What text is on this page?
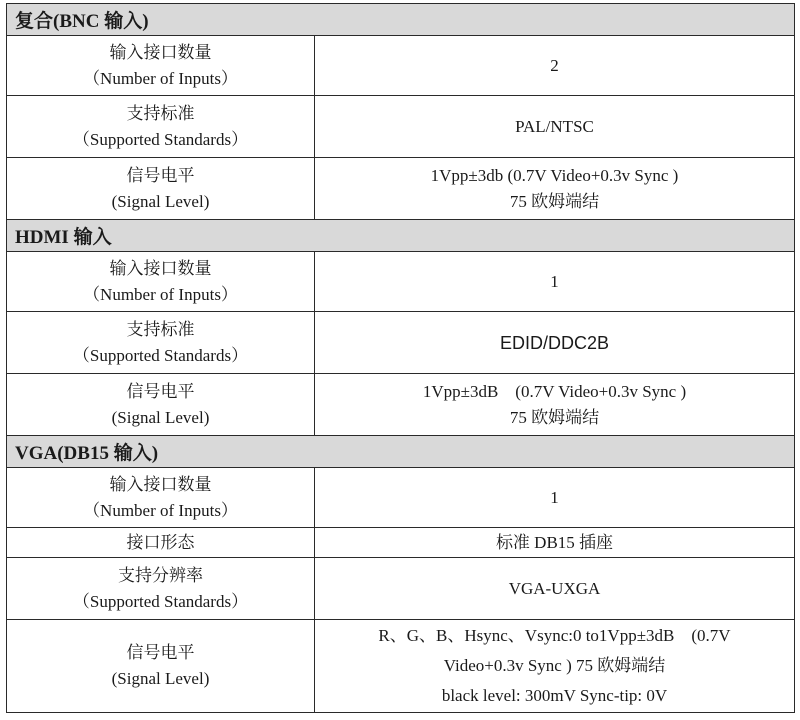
复合(BNC 输入)
输入接口数量
（Number of Inputs）
2
支持标准
（Supported Standards）
PAL/NTSC
信号电平
(Signal Level)
1Vpp±3db (0.7V Video+0.3v Sync )
75 欧姆端结
HDMI 输入
输入接口数量
（Number of Inputs）
1
支持标准
（Supported Standards）
EDID/DDC2B
信号电平
(Signal Level)
1Vpp±3dB　(0.7V Video+0.3v Sync )
75 欧姆端结
VGA(DB15 输入)
输入接口数量
（Number of Inputs）
1
接口形态	标准 DB15 插座
支持分辨率
（Supported Standards）
VGA-UXGA
信号电平
(Signal Level)
R、G、B、Hsync、Vsync:0 to1Vpp±3dB　(0.7V
Video+0.3v Sync ) 75 欧姆端结
black level: 300mV Sync-tip: 0V
